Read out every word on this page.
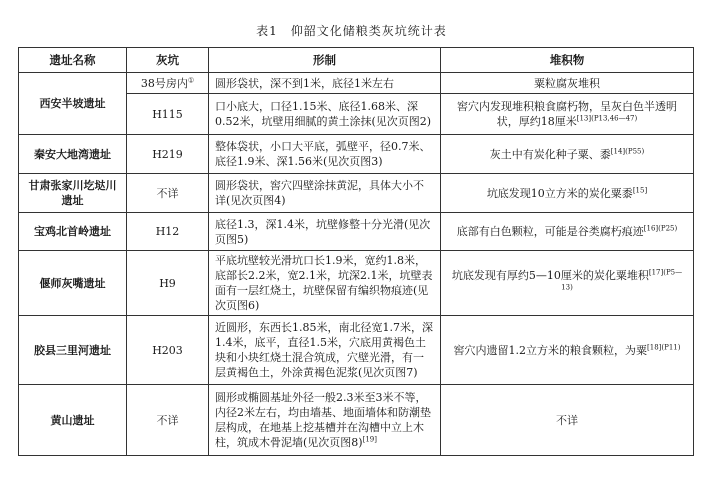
表1　仰韶文化储粮类灰坑统计表
遗址名称	灰坑	形制	堆积物
西安半坡遗址	38号房内①	圆形袋状，深不到1米，底径1米左右	粟粒腐灰堆积
	H115	口小底大，口径1.15米、底径1.68米、深0.52米，坑壁用细腻的黄土涂抹(见次页图2)	窖穴内发现堆积粮食腐朽物，呈灰白色半透明状，厚约18厘米$^{[13](P13,46—47)}$
秦安大地湾遗址	H219	整体袋状，小口大平底，弧壁平，径0.7米、底径1.9米、深1.56米(见次页图3)	灰土中有炭化种子粟、黍$^{[14](P55)}$
甘肃张家川圪垯川遗址	不详	圆形袋状，窖穴四壁涂抹黄泥，具体大小不详(见次页图4)	坑底发现10立方米的炭化粟黍[15]
宝鸡北首岭遗址	H12	底径1.3，深1.4米，坑壁修整十分光滑(见次页图5)	底部有白色颗粒，可能是谷类腐朽痕迹$^{[16](P25)}$
偃师灰嘴遗址	H9	平底坑壁较光滑坑口长1.9米，宽约1.8米，底部长2.2米，宽2.1米，坑深2.1米，坑壁表面有一层红烧土，坑壁保留有编织物痕迹(见次页图6)	坑底发现有厚约5—10厘米的炭化粟堆积$^{[17](P5—13)}$
胶县三里河遗址	H203	近圆形，东西长1.85米，南北径宽1.7米，深1.4米，底平，直径1.5米，穴底用黄褐色土块和小块红烧土混合筑成，穴壁光滑，有一层黄褐色土，外涂黄褐色泥浆(见次页图7)	窖穴内遗留1.2立方米的粮食颗粒，为粟$^{[18](P11)}$
黄山遗址	不详	圆形或椭圆基址外径一般2.3米至3米不等，内径2米左右，均由墙基、地面墙体和防潮垫层构成，在地基上挖基槽并在沟槽中立上木柱，筑成木骨泥墙(见次页图8)[19]	不详
